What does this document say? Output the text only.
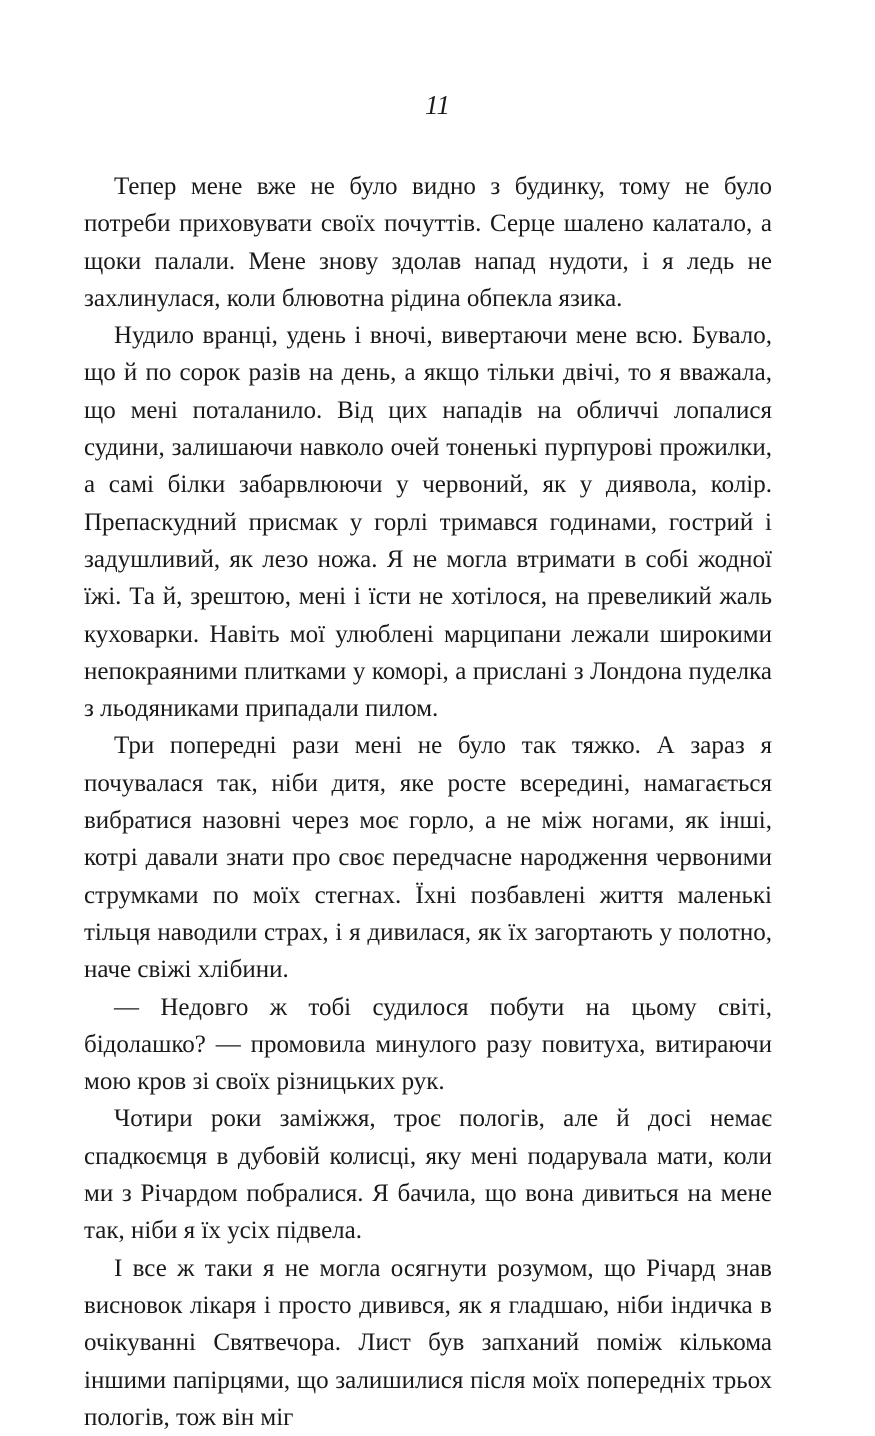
11

Тепер мене вже не було видно з будинку, тому не було потреби приховувати своїх почуттів. Серце шалено калатало, а щоки палали. Мене знову здолав напад нудоти, і я ледь не захлинулася, коли блювотна рідина обпекла язика.

Нудило вранці, удень і вночі, вивертаючи мене всю. Бувало, що й по сорок разів на день, а якщо тільки двічі, то я вважала, що мені поталанило. Від цих нападів на обличчі лопалися судини, залишаючи навколо очей тоненькі пурпурові прожилки, а самі білки забарвлюючи у червоний, як у диявола, колір. Препаскудний присмак у горлі тримався годинами, гострий і задушливий, як лезо ножа. Я не могла втримати в собі жодної їжі. Та й, зрештою, мені і їсти не хотілося, на превеликий жаль куховарки. Навіть мої улюблені марципани лежали широкими непокраяними плитками у коморі, а прислані з Лондона пуделка з льодяниками припадали пилом.

Три попередні рази мені не було так тяжко. А зараз я почувалася так, ніби дитя, яке росте всередині, намагається вибратися назовні через моє горло, а не між ногами, як інші, котрі давали знати про своє передчасне народження червоними струмками по моїх стегнах. Їхні позбавлені життя маленькі тільця наводили страх, і я дивилася, як їх загортають у полотно, наче свіжі хлібини.

— Недовго ж тобі судилося побути на цьому світі, бідолашко? — промовила минулого разу повитуха, витираючи мою кров зі своїх різницьких рук.

Чотири роки заміжжя, троє пологів, але й досі немає спадкоємця в дубовій колисці, яку мені подарувала мати, коли ми з Річардом побралися. Я бачила, що вона дивиться на мене так, ніби я їх усіх підвела.

І все ж таки я не могла осягнути розумом, що Річард знав висновок лікаря і просто дивився, як я гладшаю, ніби індичка в очікуванні Святвечора. Лист був запханий поміж кількома іншими папірцями, що залишилися після моїх попередніх трьох пологів, тож він міг
